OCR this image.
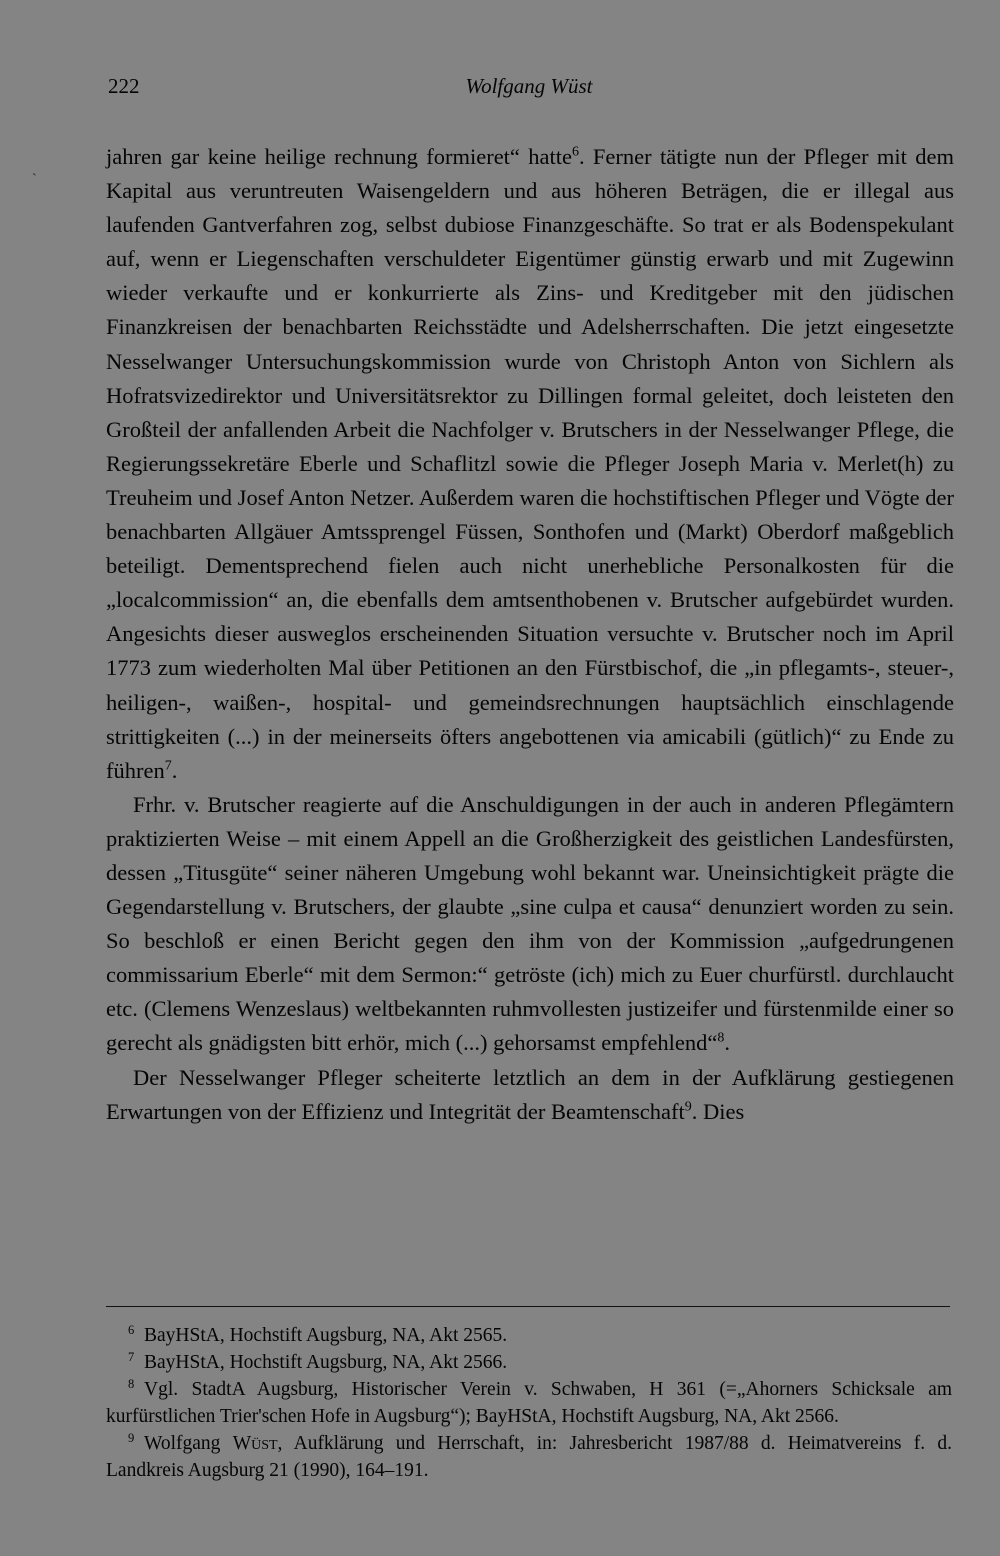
`
222	Wolfgang Wüst

jahren gar keine heilige rechnung formieret“ hatte$^6$. Ferner tätigte nun der Pfleger mit dem Kapital aus veruntreuten Waisengeldern und aus höheren Beträgen, die er illegal aus laufenden Gantverfahren zog, selbst dubiose Finanzgeschäfte. So trat er als Bodenspekulant auf, wenn er Liegenschaften verschuldeter Eigentümer günstig erwarb und mit Zugewinn wieder verkaufte und er konkurrierte als Zins- und Kreditgeber mit den jüdischen Finanzkreisen der benachbarten Reichsstädte und Adelsherrschaften. Die jetzt eingesetzte Nesselwanger Untersuchungskommission wurde von Christoph Anton von Sichlern als Hofratsvizedirektor und Universitätsrektor zu Dillingen formal geleitet, doch leisteten den Großteil der anfallenden Arbeit die Nachfolger v. Brutschers in der Nesselwanger Pflege, die Regierungssekretäre Eberle und Schaflitzl sowie die Pfleger Joseph Maria v. Merlet(h) zu Treuheim und Josef Anton Netzer. Außerdem waren die hochstiftischen Pfleger und Vögte der benachbarten Allgäuer Amtssprengel Füssen, Sonthofen und (Markt) Oberdorf maßgeblich beteiligt. Dementsprechend fielen auch nicht unerhebliche Personalkosten für die „localcommission“ an, die ebenfalls dem amtsenthobenen v. Brutscher aufgebürdet wurden. Angesichts dieser ausweglos erscheinenden Situation versuchte v. Brutscher noch im April 1773 zum wiederholten Mal über Petitionen an den Fürstbischof, die „in pflegamts-, steuer-, heiligen-, waißen-, hospital- und gemeindsrechnungen hauptsächlich einschlagende strittigkeiten (...) in der meinerseits öfters angebottenen via amicabili (gütlich)“ zu Ende zu führen$^7$.

Frhr. v. Brutscher reagierte auf die Anschuldigungen in der auch in anderen Pflegämtern praktizierten Weise – mit einem Appell an die Großherzigkeit des geistlichen Landesfürsten, dessen „Titusgüte“ seiner näheren Umgebung wohl bekannt war. Uneinsichtigkeit prägte die Gegendarstellung v. Brutschers, der glaubte „sine culpa et causa“ denunziert worden zu sein. So beschloß er einen Bericht gegen den ihm von der Kommission „aufgedrungenen commissarium Eberle“ mit dem Sermon:“ getröste (ich) mich zu Euer churfürstl. durchlaucht etc. (Clemens Wenzeslaus) weltbekannten ruhmvollesten justizeifer und fürstenmilde einer so gerecht als gnädigsten bitt erhör, mich (...) gehorsamst empfehlend“$^8$.

Der Nesselwanger Pfleger scheiterte letztlich an dem in der Aufklärung gestiegenen Erwartungen von der Effizienz und Integrität der Beamtenschaft$^9$. Dies

$^6$ BayHStA, Hochstift Augsburg, NA, Akt 2565.

$^7$ BayHStA, Hochstift Augsburg, NA, Akt 2566.

$^8$ Vgl. StadtA Augsburg, Historischer Verein v. Schwaben, H 361 (=„Ahorners Schicksale am kurfürstlichen Trier'schen Hofe in Augsburg“); BayHStA, Hochstift Augsburg, NA, Akt 2566.

$^9$ Wolfgang Wüst, Aufklärung und Herrschaft, in: Jahresbericht 1987/88 d. Heimatvereins f. d. Landkreis Augsburg 21 (1990), 164–191.
